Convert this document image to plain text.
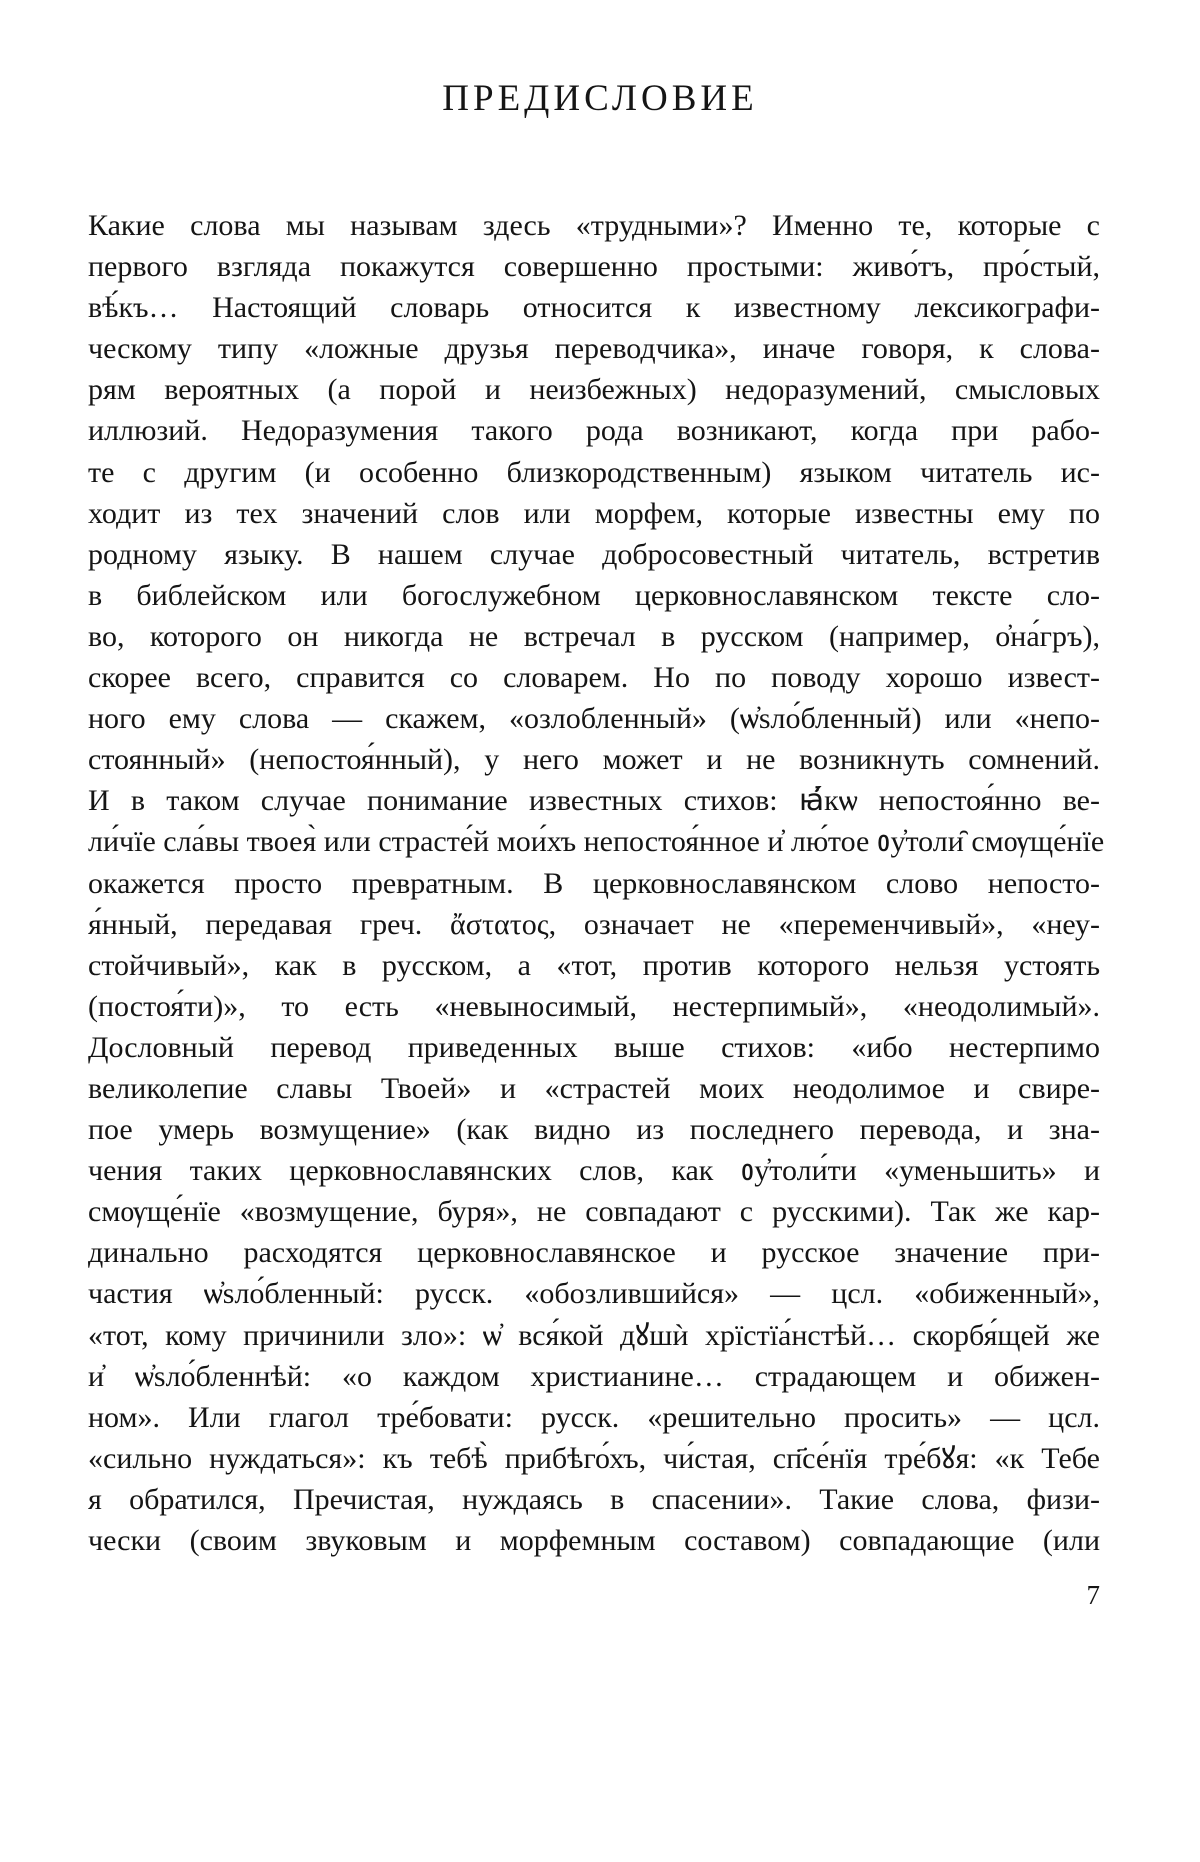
ПРЕДИСЛОВИЕ
Какие слова мы называм здесь «трудными»? Именно те, которые с
первого взгляда покажутся совершенно простыми: живо́тъ, про́стый,
вѣ́къ… Настоящий словарь относится к известному лексикографи-
ческому типу «ложные друзья переводчика», иначе говоря, к слова-
рям вероятных (а порой и неизбежных) недоразумений, смысловых
иллюзий. Недоразумения такого рода возникают, когда при рабо-
те с другим (и особенно близкородственным) языком читатель ис-
ходит из тех значений слов или морфем, которые известны ему по
родному языку. В нашем случае добросовестный читатель, встретив
в библейском или богослужебном церковнославянском тексте сло-
во, которого он никогда не встречал в русском (например, о҆на́гръ),
скорее всего, справится со словарем. Но по поводу хорошо извест-
ного ему слова — скажем, «озлобленный» (ѡ҆ѕло́бленный) или «непо-
стоянный» (непостоя́нный), у него может и не возникнуть сомнений.
И в таком случае понимание известных стихов: ꙗ҆́кѡ непостоя́нно ве-
ли́чїе сла́вы твоея̀ или страсте́й мои́хъ непостоя́нное и҆ лю́тое ᲂу҆толи̑ смѹще́нїе
окажется просто превратным. В церковнославянском слово непосто-
я́нный, передавая греч. ἄστατος, означает не «переменчивый», «неу-
стойчивый», как в русском, а «тот, против которого нельзя устоять
(постоя́ти)», то есть «невыносимый, нестерпимый», «неодолимый».
Дословный перевод приведенных выше стихов: «ибо нестерпимо
великолепие славы Твоей» и «страстей моих неодолимое и свире-
пое умерь возмущение» (как видно из последнего перевода, и зна-
чения таких церковнославянских слов, как ᲂу҆толи́ти «уменьшить» и
смѹще́нїе «возмущение, буря», не совпадают с русскими). Так же кар-
динально расходятся церковнославянское и русское значение при-
частия ѡ҆ѕло́бленный: русск. «обозлившийся» — цсл. «обиженный»,
«тот, кому причинили зло»: ѡ҆ вся́кой дꙋшѝ хрїстїа́нстѣй… скорбя́щей же
и҆ ѡ҆ѕло́бленнѣй: «о каждом христианине… страдающем и обижен-
ном». Или глагол тре́бовати: русск. «решительно просить» — цсл.
«сильно нуждаться»: къ тебѣ̀ прибѣго́хъ, чи́стая, сп҃се́нїя тре́бꙋя: «к Тебе
я обратился, Пречистая, нуждаясь в спасении». Такие слова, физи-
чески (своим звуковым и морфемным составом) совпадающие (или
7
